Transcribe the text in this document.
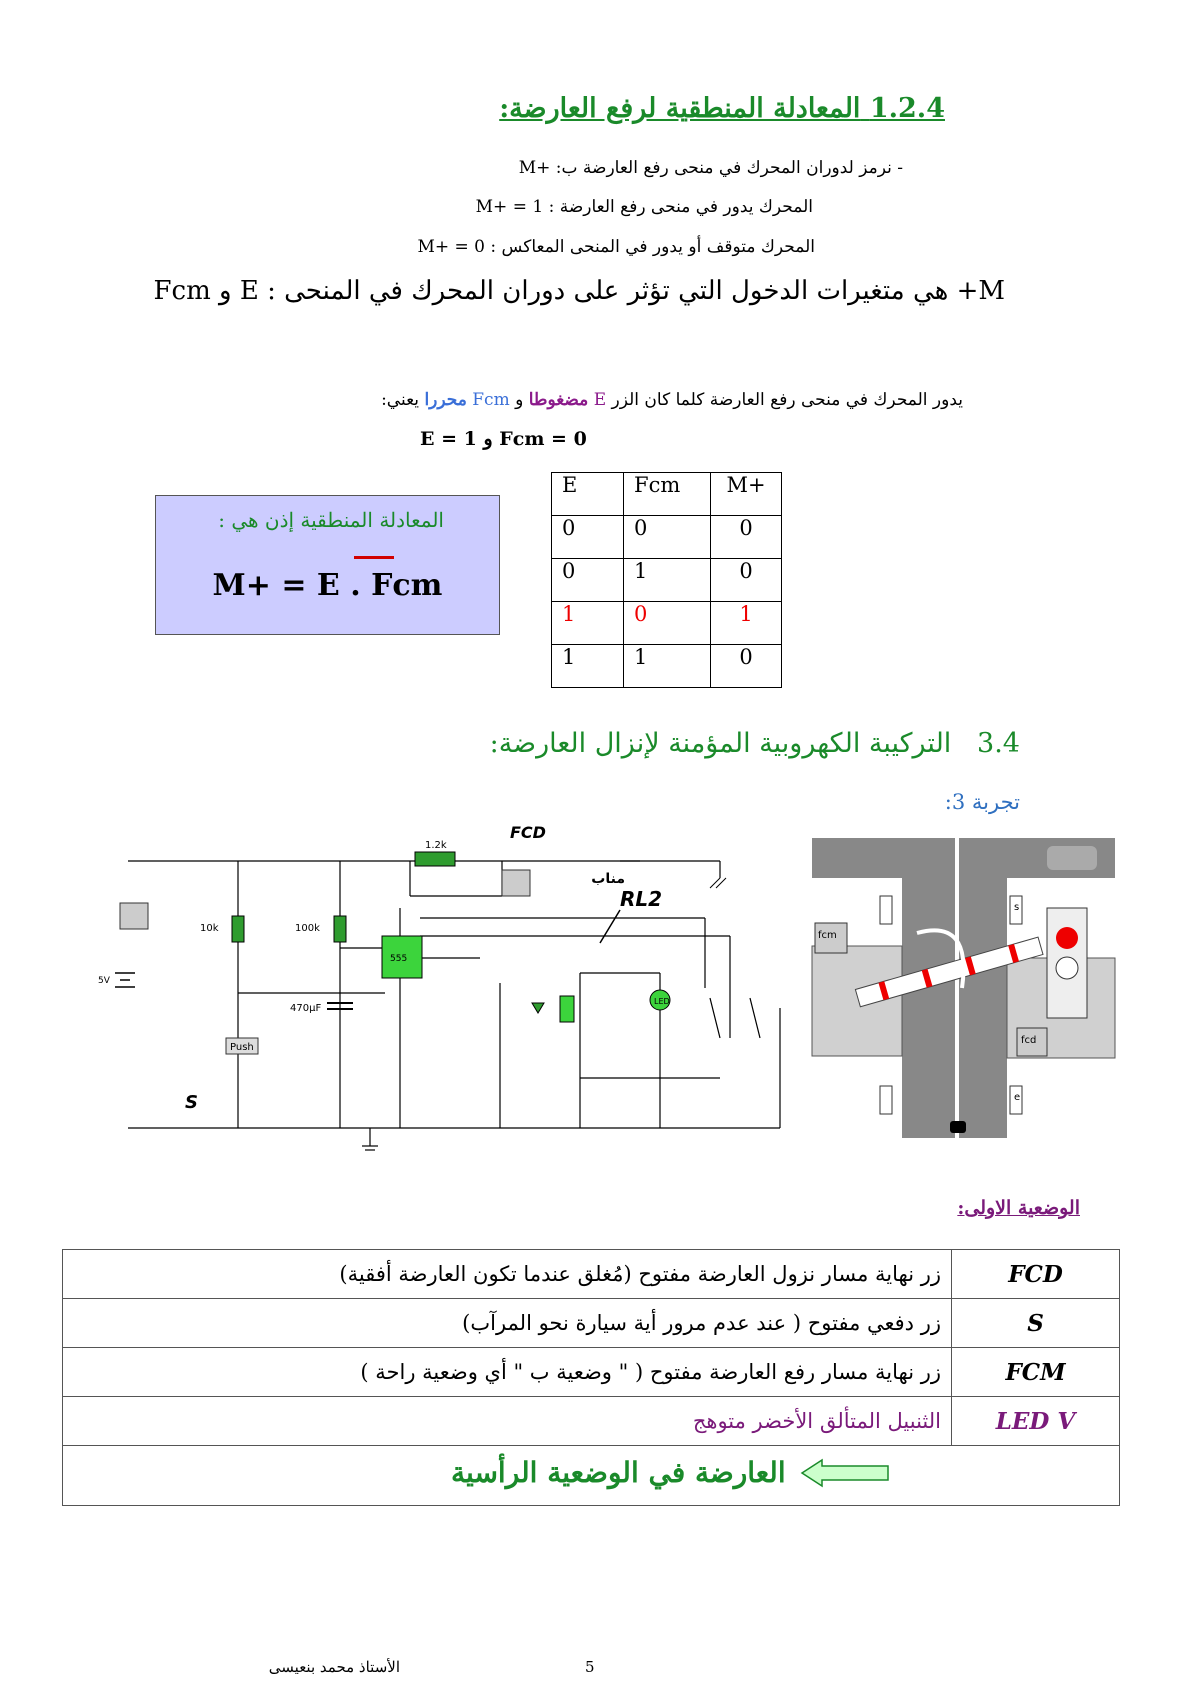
1.2.4 المعادلة المنطقية لرفع العارضة:
- نرمز لدوران المحرك في منحى رفع العارضة ب: +M
M+ = 1 : المحرك يدور في منحى رفع العارضة
M+ = 0 : المحرك متوقف أو يدور في المنحى المعاكس
Fcm و E : هي متغيرات الدخول التي تؤثر على دوران المحرك في المنحى +M
يدور المحرك في منحى رفع العارضة كلما كان الزر E مضغوطا و Fcm محررا يعني:
E = 1 و Fcm = 0
المعادلة المنطقية إذن هي :
M+ = E . Fcm
E	Fcm	M+
0	0	0
0	1	0
1	0	1
1	1	0
3.4   التركيبة الكهروبية المؤمنة لإنزال العارضة:
تجربة 3:
1.2k
10k	100k
555
470µF
Push
S
5V
LED
مناب
RL2
FCD
s
e
fcm
fcd
الوضعية الاولى:
FCD	زر نهاية مسار نزول العارضة مفتوح (مُغلق عندما تكون العارضة أفقية)
S	زر دفعي مفتوح ( عند عدم مرور أية سيارة نحو المرآب)
FCM	زر نهاية مسار رفع العارضة مفتوح ( " وضعية ب " أي وضعية راحة )
LED V	الثنبيل المتألق الأخضر متوهج

العارضة في الوضعية الرأسية	
الأستاذ محمد بنعيسى	5
